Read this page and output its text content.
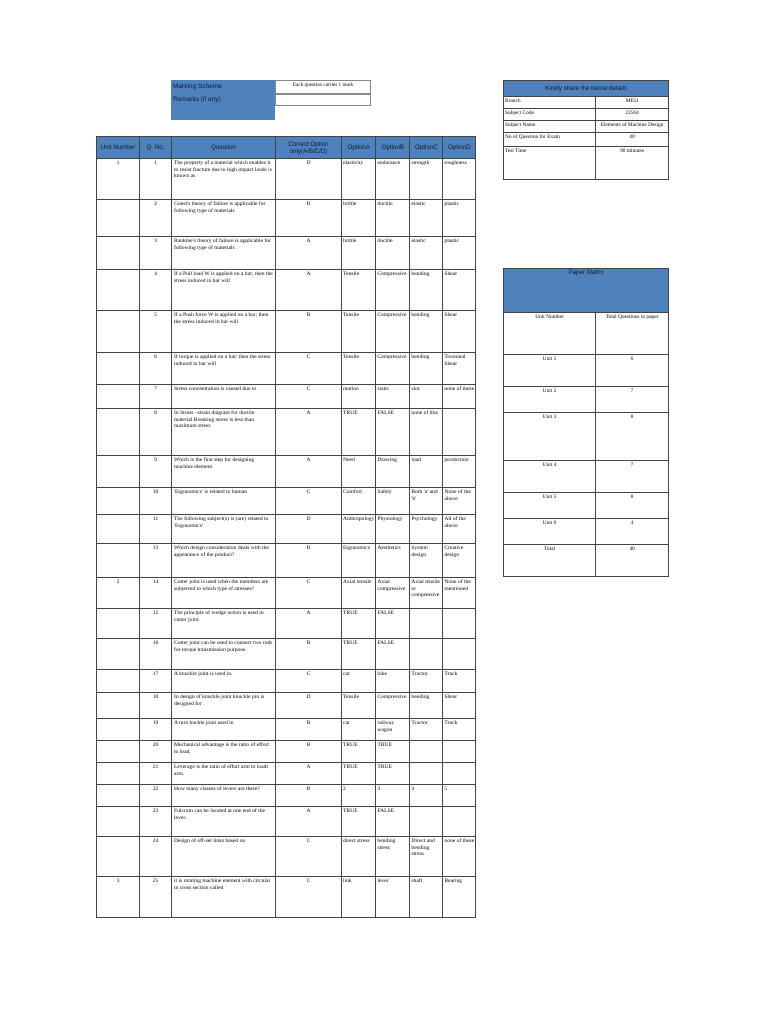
Marking Scheme	Each question carries 1 mark
Remarks (if any)
Unit Number	Q. No.	Question	Correct Option only(A/B/C/D)	OptionA	OptionB	OptionC	OptionD
1	1	The property of a material which enables it to resist fracture due to high impact loads is known as	D	elasticity	endurance	strength	toughness
	2	Guest's theory of failure is applicable for following type of materials	B	brittle	ductile	elastic	plastic
	3	Rankine's theory of failure is applicable for following type of materials	A	brittle	ductile	elastic	plastic
	4	If a Pull load W is applied on a bar; then the stress induced in bar will	A	Tensile	Compressive	bending	Shear
	5	If a Push force W is applied on a bar; then the stress induced in bar will	B	Tensile	Compressive	bending	Shear
	6	If torque is applied on a bar; then the stress induced in bar will	C	Tensile	Compressive	bending	Torsional Shear
	7	Stress concentration is caused due to	C	motion	static	slot	none of these
	8	In Stress –strain diagram for ductile material Breaking stress is less than maximum stress	A	TRUE	FALSE	none of this	
	9	Which is the first step for designing machine element	A	Need	Drawing	load	production
	10	'Ergonomics' is related to human	C	Comfort	Safety	Both 'a' and 'b'	None of the above
	11	The following subject(s) is (are) related to 'Ergonomics'	D	Anthropology	Physiology	Psychology	All of the above
	13	Which design consideration deals with the appearance of the product?	B	Ergonomics	Aesthetics	System design	Creative design
2	14	Cotter joint is used when the members are subjected to which type of stresses?	C	Axial tensile	Axial compressive	Axial tensile or compressive	None of the mentioned
	15	The principle of wedge action is used in cotter joint.	A	TRUE	FALSE		
	16	Cotter joint can be used to connect two rods for torque transmission purpose.	B	TRUE	FALSE		
	17	A knuckle joint is used in.	C	car	bike	Tractor	Truck
	18	In design of knuckle joint knuckle pin is designed for .	D	Tensile	Compressive	bending	Shear
	19	A turn buckle joint used in	B	car	railway wagon	Tractor	Truck
	20	Mechanical advantage is the ratio of effort to load.	B	TRUE	TRUE		
	21	Leverage is the ratio of effort arm to loadt arm.	A	TRUE	TRUE		
	22	How many classes of levers are there?	B	2	3	4	5
	23	Fulcrum can be located at one end of the lever.	A	TRUE	FALSE		
	24	Design of off-set links based on	C	direct stress	bending stress	Direct and bending stress	none of these
3	25	it is rotating machine element with circular in cross section called	C	link	lever	shaft	Bearing
Kindly share the below details	
Branch	ME5I
Subject Code	22564
Subject Name	Elements of Machine Design
No of Question for Exam	40
Test Time	90 minutes
Paper Matrix	
Unit Number	Total Questions in paper
Unit 1	6
Unit 2	7
Unit 3	8
Unit 4	7
Unit 5	8
Unit 6	4
Total	40
